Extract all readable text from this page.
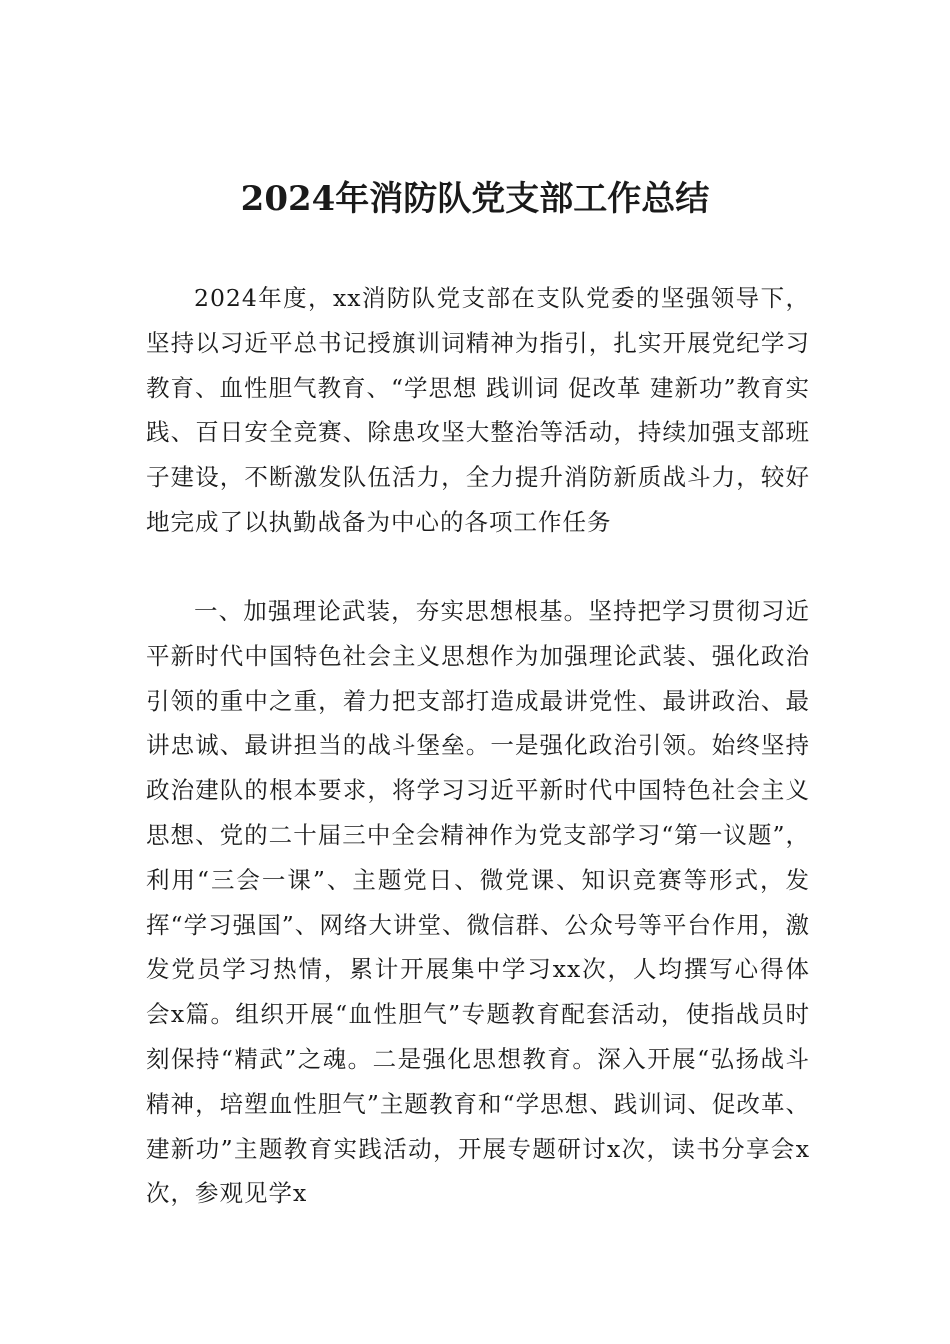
2024年消防队党支部工作总结

2024年度，xx消防队党支部在支队党委的坚强领导下，坚持以习近平总书记授旗训词精神为指引，扎实开展党纪学习教育、血性胆气教育、“学思想 践训词 促改革 建新功”教育实践、百日安全竞赛、除患攻坚大整治等活动，持续加强支部班子建设，不断激发队伍活力，全力提升消防新质战斗力，较好地完成了以执勤战备为中心的各项工作任务

一、加强理论武装，夯实思想根基。坚持把学习贯彻习近平新时代中国特色社会主义思想作为加强理论武装、强化政治引领的重中之重，着力把支部打造成最讲党性、最讲政治、最讲忠诚、最讲担当的战斗堡垒。一是强化政治引领。始终坚持政治建队的根本要求，将学习习近平新时代中国特色社会主义思想、党的二十届三中全会精神作为党支部学习“第一议题”，利用“三会一课”、主题党日、微党课、知识竞赛等形式，发挥“学习强国”、网络大讲堂、微信群、公众号等平台作用，激发党员学习热情，累计开展集中学习xx次，人均撰写心得体会x篇。组织开展“血性胆气”专题教育配套活动，使指战员时刻保持“精武”之魂。二是强化思想教育。深入开展“弘扬战斗精神，培塑血性胆气”主题教育和“学思想、践训词、促改革、建新功”主题教育实践活动，开展专题研讨x次，读书分享会x次，参观见学x
